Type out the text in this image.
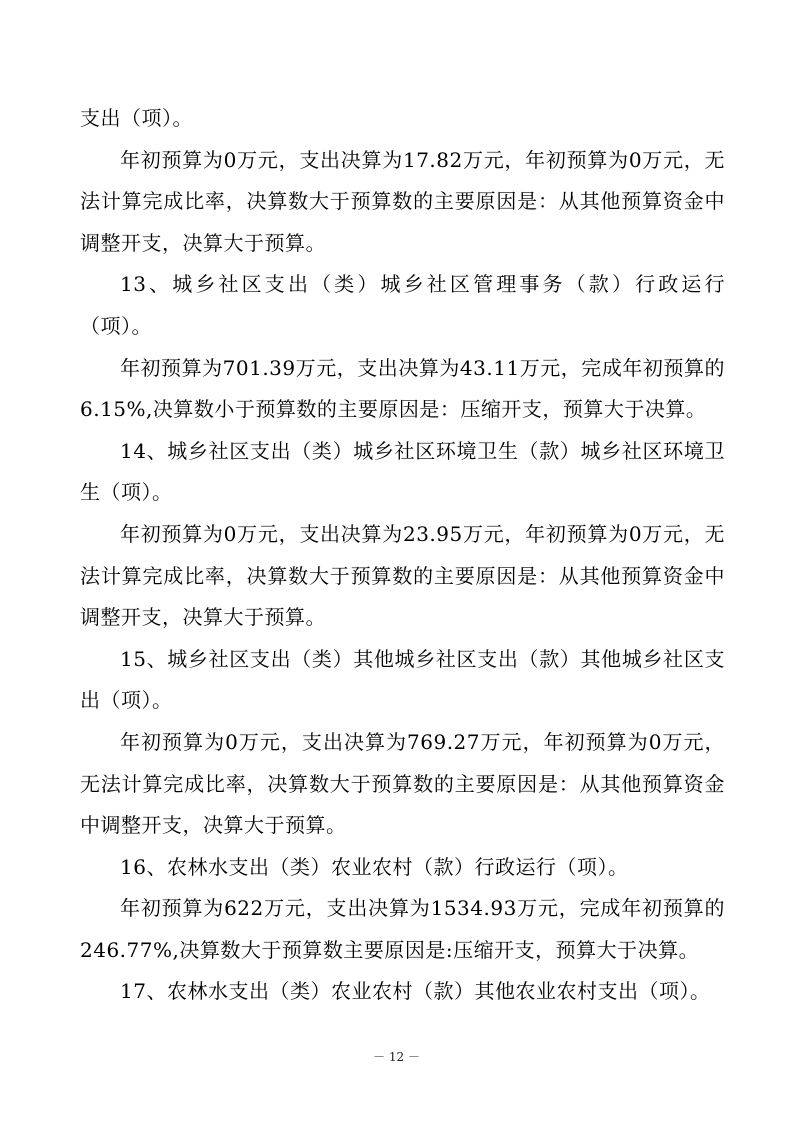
支出（项）。

年初预算为0万元，支出决算为17.82万元，年初预算为0万元，无法计算完成比率，决算数大于预算数的主要原因是：从其他预算资金中调整开支，决算大于预算。

13、城乡社区支出（类）城乡社区管理事务（款）行政运行（项）。

年初预算为701.39万元，支出决算为43.11万元，完成年初预算的6.15%,决算数小于预算数的主要原因是：压缩开支，预算大于决算。

14、城乡社区支出（类）城乡社区环境卫生（款）城乡社区环境卫生（项）。

年初预算为0万元，支出决算为23.95万元，年初预算为0万元，无法计算完成比率，决算数大于预算数的主要原因是：从其他预算资金中调整开支，决算大于预算。

15、城乡社区支出（类）其他城乡社区支出（款）其他城乡社区支出（项）。

年初预算为0万元，支出决算为769.27万元，年初预算为0万元，无法计算完成比率，决算数大于预算数的主要原因是：从其他预算资金中调整开支，决算大于预算。

16、农林水支出（类）农业农村（款）行政运行（项）。

年初预算为622万元，支出决算为1534.93万元，完成年初预算的246.77%,决算数大于预算数主要原因是:压缩开支，预算大于决算。

17、农林水支出（类）农业农村（款）其他农业农村支出（项）。

－ 12 －
